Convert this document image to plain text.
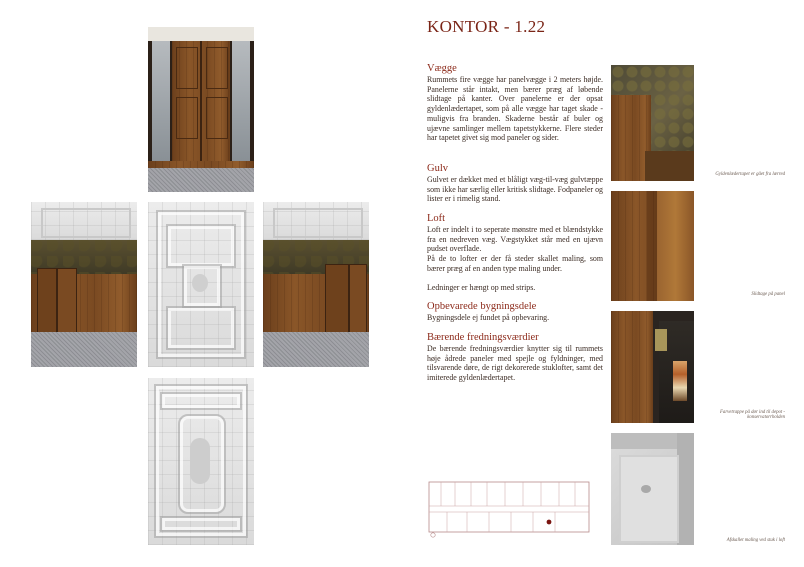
KONTOR - 1.22
Vægge

Rummets fire vægge har panelvægge i 2 meters højde. Panelerne står intakt, men bærer præg af løbende slidtage på kanter. Over panelerne er der opsat gyldenlædertapet, som på alle vægge har taget skade - muligvis fra branden. Skaderne består af buler og ujævne samlinger mellem tapetstykkerne. Flere steder har tapetet givet sig mod paneler og sider.

Gulv

Gulvet er dækket med et blåligt væg-til-væg gulvtæppe som ikke har særlig eller kritisk slidtage. Fodpaneler og lister er i rimelig stand.

Loft

Loft er indelt i to seperate mønstre med et blændstykke fra en nedreven væg. Vægstykket står med en ujævn pudset overflade.
På de to lofter er der få steder skallet maling, som bærer præg af en anden type maling under.

Ledninger er hængt op med strips.

Opbevarede bygningsdele

Bygningsdele ej fundet på opbevaring.

Bærende fredningsværdier

De bærende fredningsværdier knytter sig til rummets høje ådrede paneler med spejle og fyldninger, med tilsvarende døre, de rigt dekorerede stuklofter, samt det imiterede gyldenlædertapet.

Gyldenlædertapet er gået fra lærred
Slidtage på panel
Farvetrappe på dør ind til depot - konservatorrholden
Afskallet maling ved stuk i loft
